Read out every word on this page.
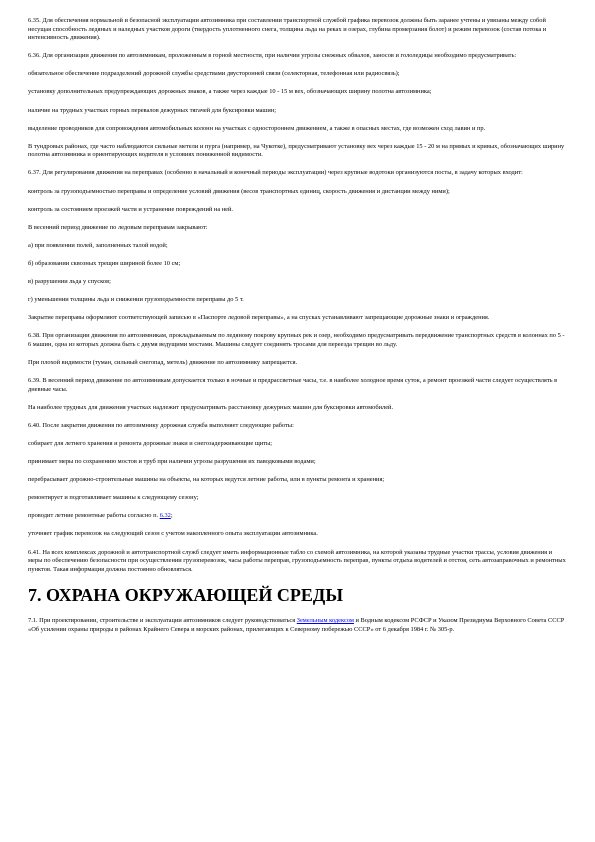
6.35. Для обеспечения нормальной и безопасной эксплуатации автозимника при составлении транспортной службой графика перевозок должны быть заранее учтены и увязаны между собой несущая способность ледяных и наледных участков дороги (твердость уплотненного снега, толщина льда на реках и озерах, глубина промерзания болот) и режим перевозок (состав потока и интенсивность движения).

6.36. Для организации движения по автозимникам, проложенным в горной местности, при наличии угрозы снежных обвалов, заносов и гололедицы необходимо предусматривать:

обязательное обеспечение подразделений дорожной службы средствами двусторонней связи (селекторная, телефонная или радиосвязь);

установку дополнительных предупреждающих дорожных знаков, а также через каждые 10 - 15 м вех, обозначающих ширину полотна автозимника;

наличие на трудных участках горных перевалов дежурных тягачей для буксировки машин;

выделение проводников для сопровождения автомобильных колонн на участках с одностороннем движением, а также в опасных местах, где возможен сход лавин и пр.

В тундровых районах, где часто наблюдаются сильные метели и пурга (например, на Чукотке), предусматривают установку вех через каждые 15 - 20 м на прямых и кривых, обозначающих ширину полотна автозимника и ориентирующих водителя в условиях пониженной видимости.

6.37. Для регулирования движения на переправах (особенно в начальный и конечный периоды эксплуатации) через крупные водотоки организуются посты, в задачу которых входит:

контроль за грузоподъемностью переправы и определение условий движения (весов транспортных единиц, скорость движения и дистанции между ними);

контроль за состоянием проезжей части и устранение повреждений на ней.

В весенний период движение по ледовым переправам закрывают:

а) при появлении полей, заполненных талой водой;

б) образовании сквозных трещин шириной более 10 см;

в) разрушении льда у спусков;

г) уменьшении толщины льда и снижении грузоподъемности переправы до 5 т.

Закрытие переправы оформляют соответствующей записью в «Паспорте ледовой переправы», а на спусках устанавливают запрещающие дорожные знаки и ограждения.

6.38. При организации движения по автозимникам, прокладываемым по ледяному покрову крупных рек и озер, необходимо предусматривать передвижение транспортных средств в колоннах по 5 - 6 машин, одна из которых должна быть с двумя ведущими мостами. Машины следует соединять тросами для переезда трещин во льду.

При плохой видимости (туман, сильный снегопад, метель) движение по автозимнику запрещается.

6.39. В весенний период движение по автозимникам допускается только в ночные и предрассветные часы, т.е. в наиболее холодное время суток, а ремонт проезжей части следует осуществлять в дневные часы.

На наиболее трудных для движения участках надлежит предусматривать расстановку дежурных машин для буксировки автомобилей.

6.40. После закрытия движения по автозимнику дорожная служба выполняет следующие работы:

собирает для летнего хранения и ремонта дорожные знаки и снегозадерживающие щиты;

принимает меры по сохранению мостов и труб при наличии угрозы разрушения их паводковыми водами;

перебрасывает дорожно-строительные машины на объекты, на которых ведутся летние работы, или в пункты ремонта и хранения;

ремонтирует и подготавливает машины к следующему сезону;

проводит летние ремонтные работы согласно п. 6.32;

уточняет график перевозок на следующий сезон с учетом накопленного опыта эксплуатации автозимника.

6.41. На всех комплексах дорожной и автотранспортной служб следует иметь информационные табло со схемой автозимника, на которой указаны трудные участки трассы, условия движения и меры по обеспечению безопасности при осуществлении грузоперевозок, часы работы переправ, грузоподъемность переправ, пункты отдыха водителей и отстоя, сеть автозаправочных и ремонтных пунктов. Такая информация должна постоянно обновляться.

7. ОХРАНА ОКРУЖАЮЩЕЙ СРЕДЫ

7.1. При проектировании, строительстве и эксплуатации автозимников следует руководствоваться Земельным кодексом и Водным кодексом РСФСР и Указом Президиума Верховного Совета СССР «Об усилении охраны природы в районах Крайнего Севера и морских районах, прилегающих к Северному побережью СССР» от 6 декабря 1984 г. № 305-р.
